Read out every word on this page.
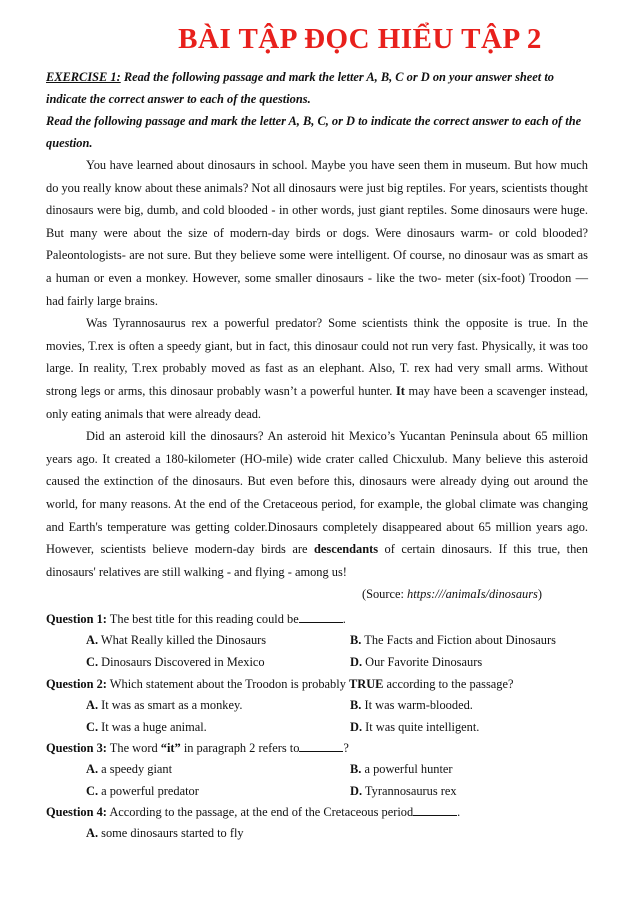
BÀI TẬP ĐỌC HIỂU TẬP 2

EXERCISE 1: Read the following passage and mark the letter A, B, C or D on your answer sheet to indicate the correct answer to each of the questions.

Read the following passage and mark the letter A, B, C, or D to indicate the correct answer to each of the question.

You have learned about dinosaurs in school. Maybe you have seen them in museum. But how much do you really know about these animals? Not all dinosaurs were just big reptiles. For years, scientists thought dinosaurs were big, dumb, and cold blooded - in other words, just giant reptiles. Some dinosaurs were huge. But many were about the size of modern-day birds or dogs. Were dinosaurs warm- or cold blooded? Paleontologists- are not sure. But they believe some were intelligent. Of course, no dinosaur was as smart as a human or even a monkey. However, some smaller dinosaurs - like the two- meter (six-foot) Troodon — had fairly large brains.

Was Tyrannosaurus rex a powerful predator? Some scientists think the opposite is true. In the movies, T.rex is often a speedy giant, but in fact, this dinosaur could not run very fast. Physically, it was too large. In reality, T.rex probably moved as fast as an elephant. Also, T. rex had very small arms. Without strong legs or arms, this dinosaur probably wasn’t a powerful hunter. It may have been a scavenger instead, only eating animals that were already dead.

Did an asteroid kill the dinosaurs? An asteroid hit Mexico’s Yucantan Peninsula about 65 million years ago. It created a 180-kilometer (HO-mile) wide crater called Chicxulub. Many believe this asteroid caused the extinction of the dinosaurs. But even before this, dinosaurs were already dying out around the world, for many reasons. At the end of the Cretaceous period, for example, the global climate was changing and Earth's temperature was getting colder.Dinosaurs completely disappeared about 65 million years ago. However, scientists believe modern-day birds are descendants of certain dinosaurs. If this true, then dinosaurs' relatives are still walking - and flying - among us!

(Source: https:///animaIs/dinosaurs)

Question 1: The best title for this reading could be	.

A. What Really killed the Dinosaurs	B. The Facts and Fiction about Dinosaurs
C. Dinosaurs Discovered in Mexico	D. Our Favorite Dinosaurs

Question 2: Which statement about the Troodon is probably TRUE according to the passage?

A. It was as smart as a monkey.	B. It was warm-blooded.
C. It was a huge animal.	D. It was quite intelligent.

Question 3: The word “it” in paragraph 2 refers to	?

A. a speedy giant	B. a powerful hunter
C. a powerful predator	D. Tyrannosaurus rex

Question 4: According to the passage, at the end of the Cretaceous period	.

A. some dinosaurs started to fly
